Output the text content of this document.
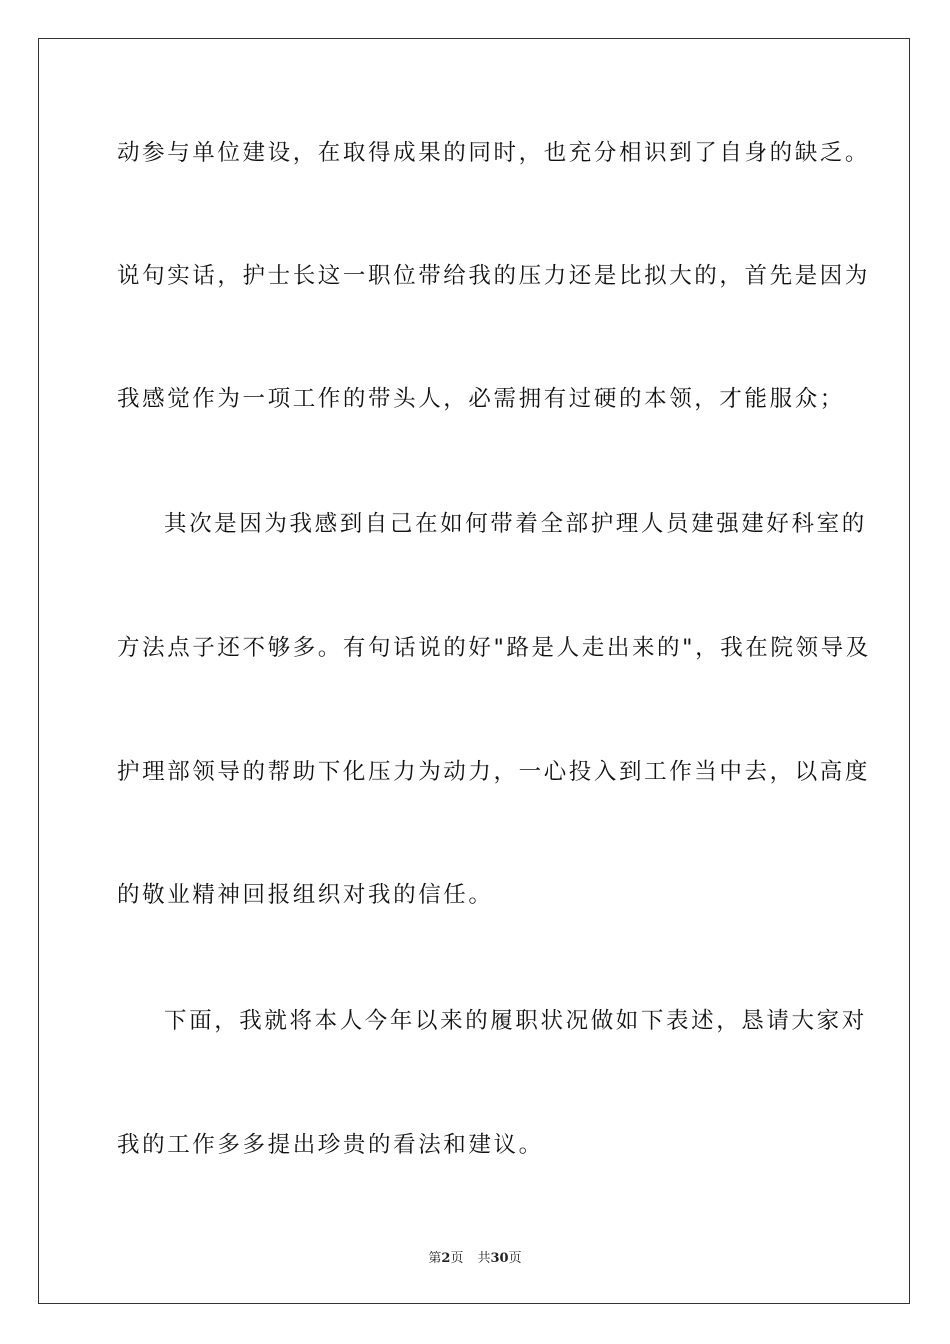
动参与单位建设，在取得成果的同时，也充分相识到了自身的缺乏。
说句实话，护士长这一职位带给我的压力还是比拟大的，首先是因为
我感觉作为一项工作的带头人，必需拥有过硬的本领，才能服众；
其次是因为我感到自己在如何带着全部护理人员建强建好科室的
方法点子还不够多。有句话说的好"路是人走出来的"，我在院领导及
护理部领导的帮助下化压力为动力，一心投入到工作当中去，以高度
的敬业精神回报组织对我的信任。
下面，我就将本人今年以来的履职状况做如下表述，恳请大家对
我的工作多多提出珍贵的看法和建议。
第2页 共30页
